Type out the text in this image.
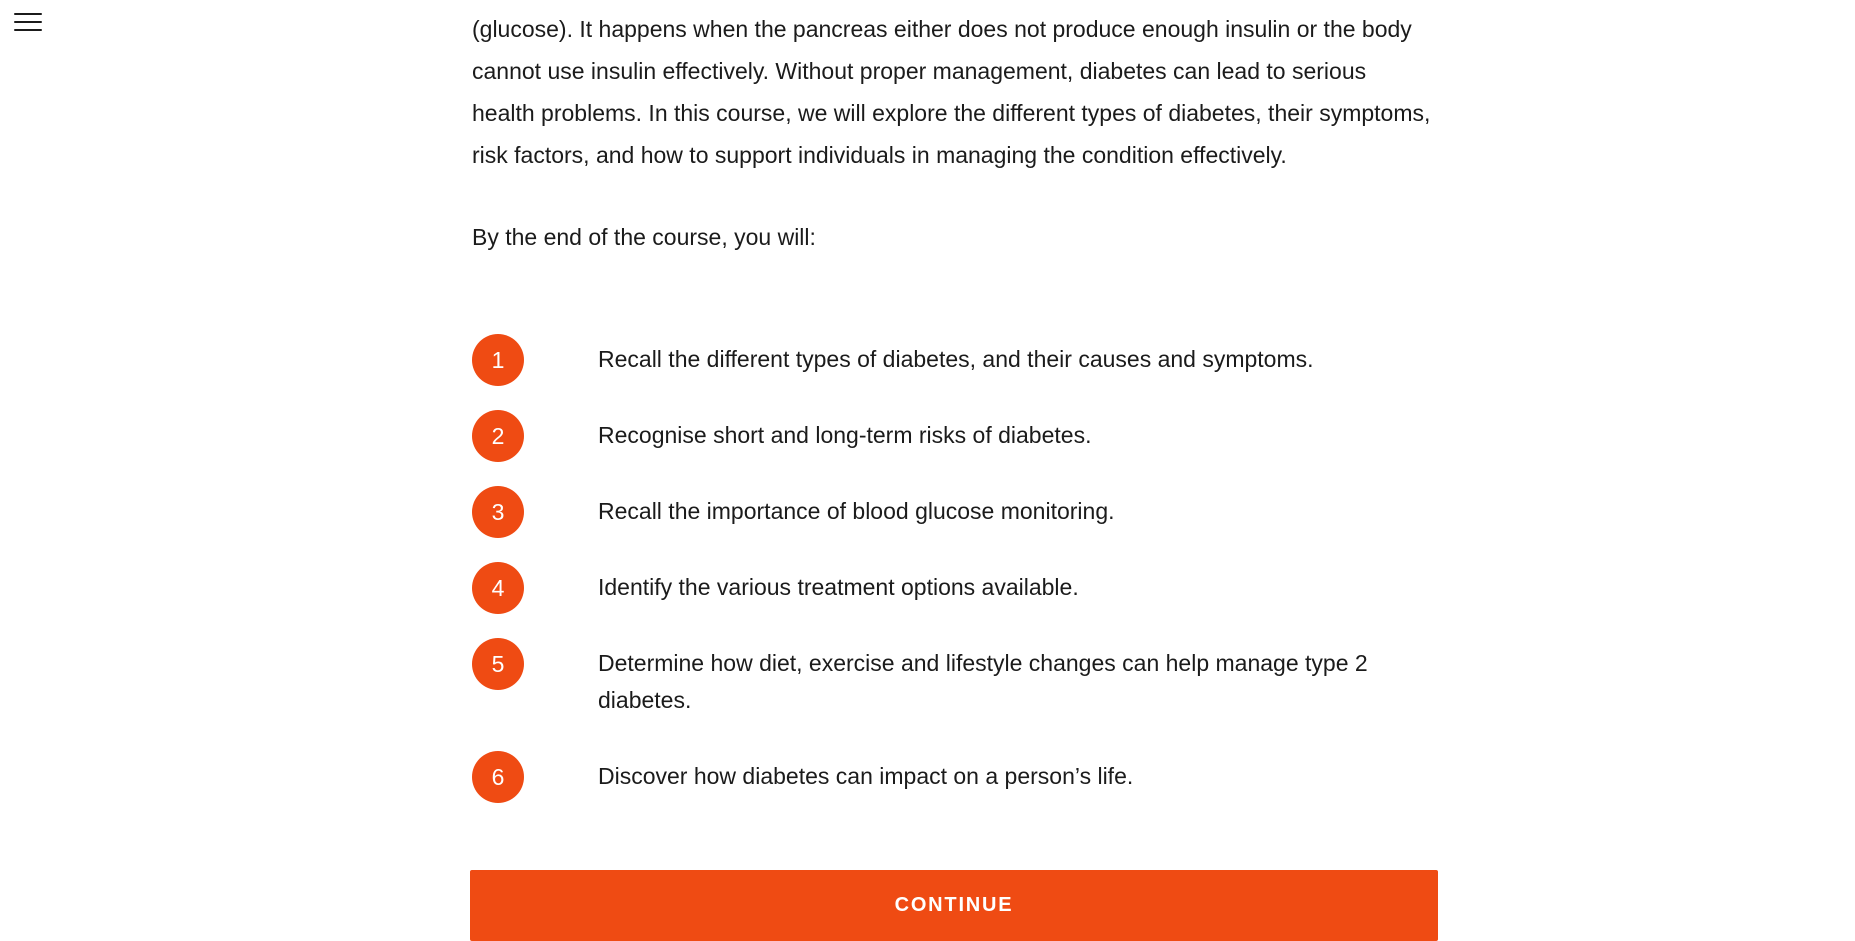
(glucose). It happens when the pancreas either does not produce enough insulin or the body cannot use insulin effectively. Without proper management, diabetes can lead to serious health problems. In this course, we will explore the different types of diabetes, their symptoms, risk factors, and how to support individuals in managing the condition effectively.

By the end of the course, you will:

1	Recall the different types of diabetes, and their causes and symptoms.
2	Recognise short and long-term risks of diabetes.
3	Recall the importance of blood glucose monitoring.
4	Identify the various treatment options available.
5	Determine how diet, exercise and lifestyle changes can help manage type 2 diabetes.
6	Discover how diabetes can impact on a person’s life.
CONTINUE
